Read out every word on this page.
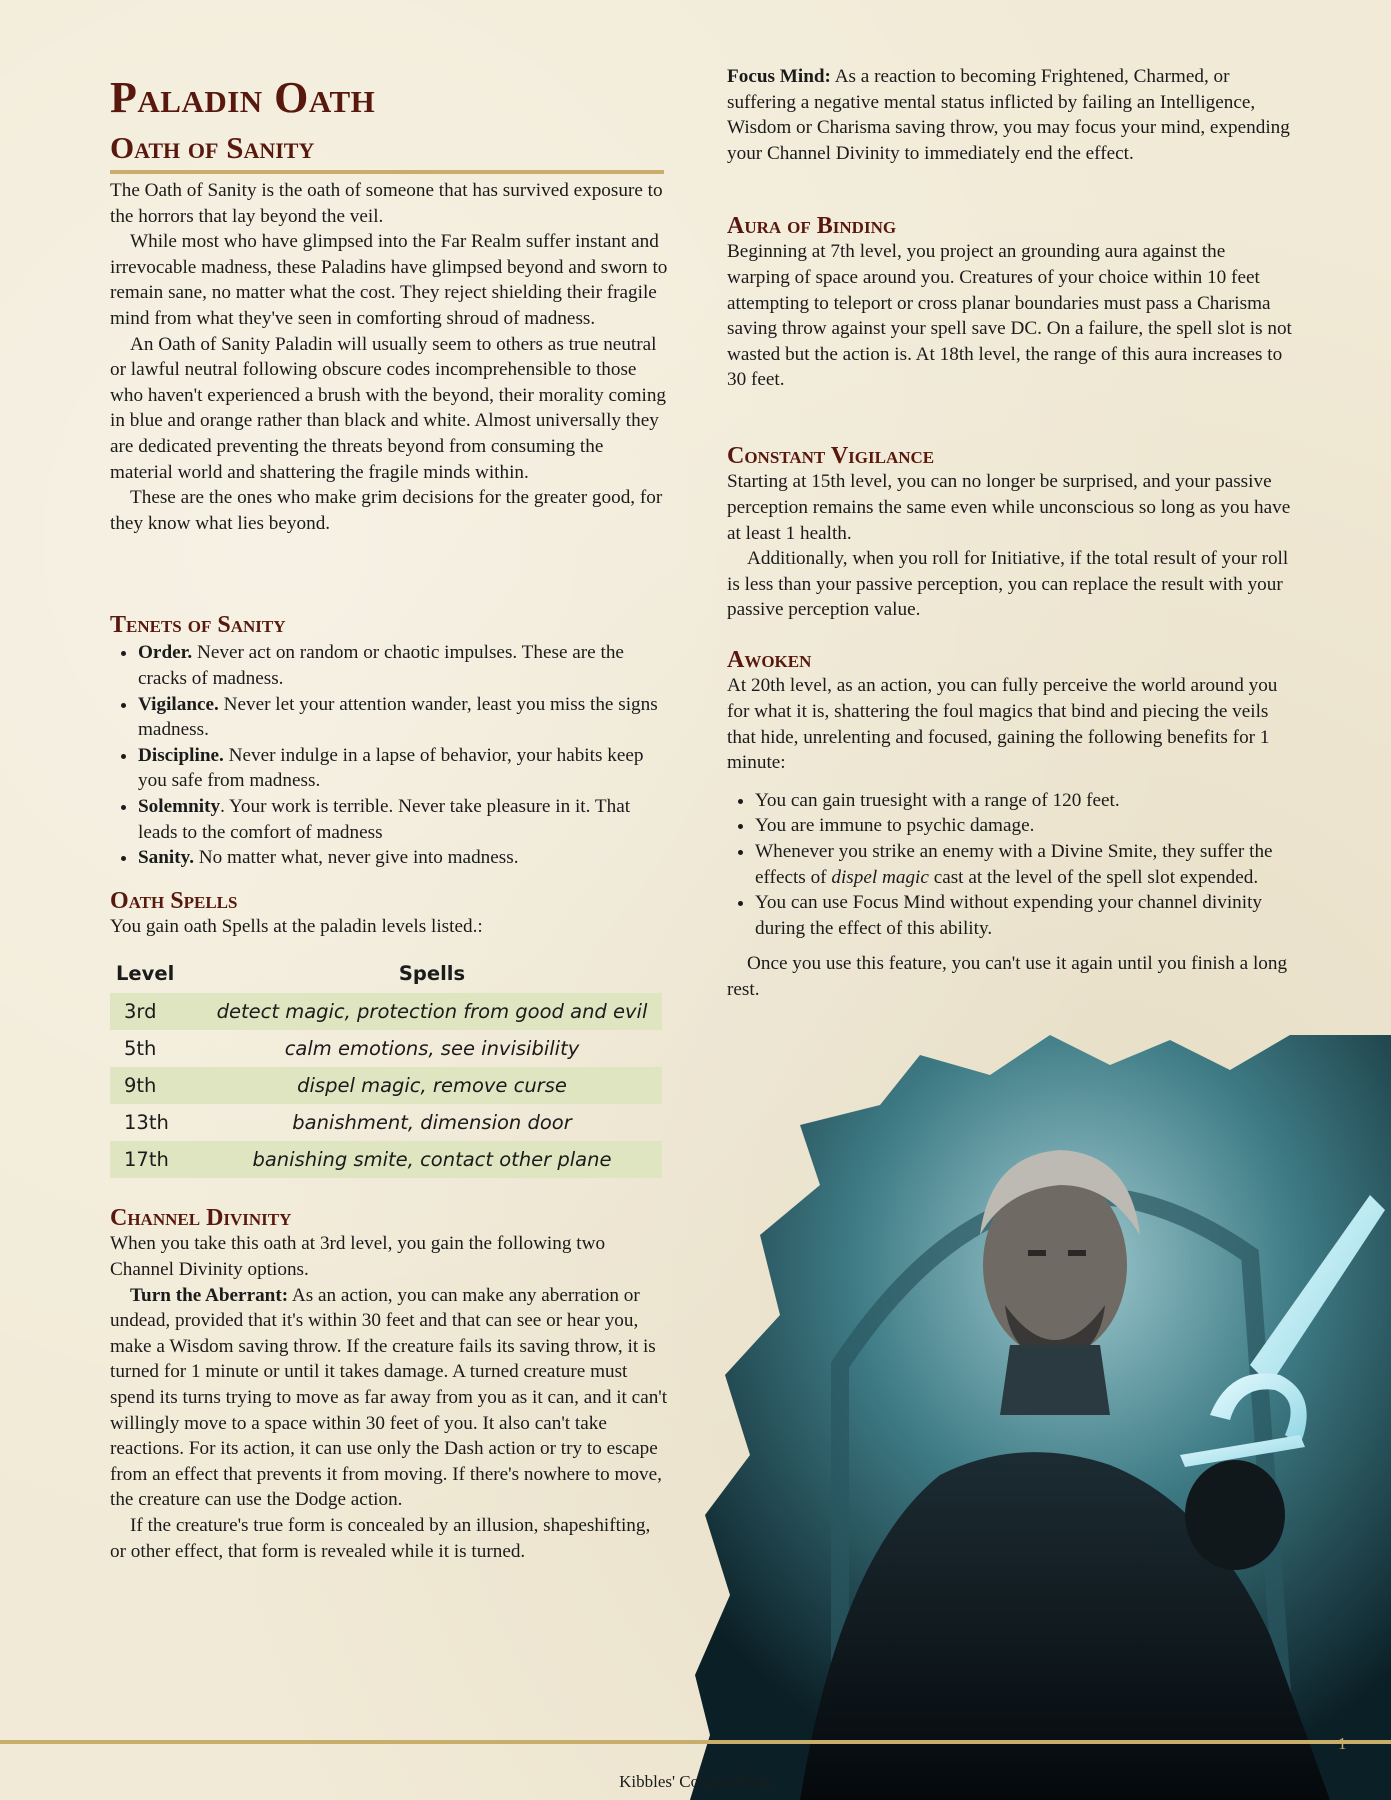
Paladin Oath
Oath of Sanity

The Oath of Sanity is the oath of someone that has survived exposure to the horrors that lay beyond the veil.

While most who have glimpsed into the Far Realm suffer instant and irrevocable madness, these Paladins have glimpsed beyond and sworn to remain sane, no matter what the cost. They reject shielding their fragile mind from what they've seen in comforting shroud of madness.

An Oath of Sanity Paladin will usually seem to others as true neutral or lawful neutral following obscure codes incomprehensible to those who haven't experienced a brush with the beyond, their morality coming in blue and orange rather than black and white. Almost universally they are dedicated preventing the threats beyond from consuming the material world and shattering the fragile minds within.

These are the ones who make grim decisions for the greater good, for they know what lies beyond.

Tenets of Sanity
• Order. Never act on random or chaotic impulses. These are the cracks of madness.
• Vigilance. Never let your attention wander, least you miss the signs madness.
• Discipline. Never indulge in a lapse of behavior, your habits keep you safe from madness.
• Solemnity. Your work is terrible. Never take pleasure in it. That leads to the comfort of madness
• Sanity. No matter what, never give into madness.
Oath Spells

You gain oath Spells at the paladin levels listed.:

Level	Spells
3rd	detect magic, protection from good and evil
5th	calm emotions, see invisibility
9th	dispel magic, remove curse
13th	banishment, dimension door
17th	banishing smite, contact other plane
Channel Divinity

When you take this oath at 3rd level, you gain the following two Channel Divinity options.

Turn the Aberrant: As an action, you can make any aberration or undead, provided that it's within 30 feet and that can see or hear you, make a Wisdom saving throw. If the creature fails its saving throw, it is turned for 1 minute or until it takes damage. A turned creature must spend its turns trying to move as far away from you as it can, and it can't willingly move to a space within 30 feet of you. It also can't take reactions. For its action, it can use only the Dash action or try to escape from an effect that prevents it from moving. If there's nowhere to move, the creature can use the Dodge action.

If the creature's true form is concealed by an illusion, shapeshifting, or other effect, that form is revealed while it is turned.

Focus Mind: As a reaction to becoming Frightened, Charmed, or suffering a negative mental status inflicted by failing an Intelligence, Wisdom or Charisma saving throw, you may focus your mind, expending your Channel Divinity to immediately end the effect.

Aura of Binding

Beginning at 7th level, you project an grounding aura against the warping of space around you. Creatures of your choice within 10 feet attempting to teleport or cross planar boundaries must pass a Charisma saving throw against your spell save DC. On a failure, the spell slot is not wasted but the action is. At 18th level, the range of this aura increases to 30 feet.

Constant Vigilance

Starting at 15th level, you can no longer be surprised, and your passive perception remains the same even while unconscious so long as you have at least 1 health.

Additionally, when you roll for Initiative, if the total result of your roll is less than your passive perception, you can replace the result with your passive perception value.

Awoken

At 20th level, as an action, you can fully perceive the world around you for what it is, shattering the foul magics that bind and piecing the veils that hide, unrelenting and focused, gaining the following benefits for 1 minute:

• You can gain truesight with a range of 120 feet.
• You are immune to psychic damage.
• Whenever you strike an enemy with a Divine Smite, they suffer the effects of dispel magic cast at the level of the spell slot expended.
• You can use Focus Mind without expending your channel divinity during the effect of this ability.

Once you use this feature, you can't use it again until you finish a long rest.

Kibbles' Compendium
1
